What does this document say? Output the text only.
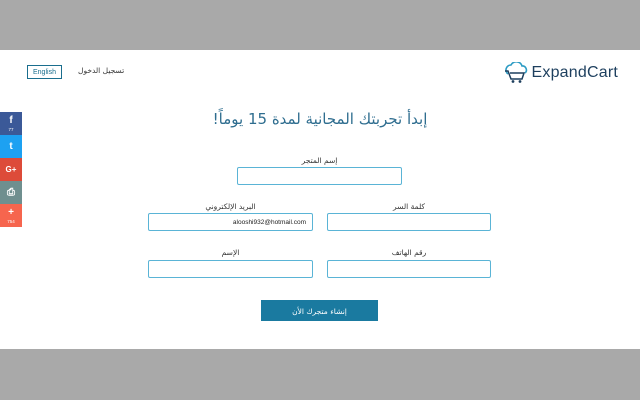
ExpandCart
تسجيل الدخول
English
إبدأ تجربتك المجانية لمدة 15 يوماً!
إسم المتجر
كلمة السر
البريد الإلكتروني
alooshi932@hotmail.com
رقم الهاتف
الإسم
إنشاء متجرك الأن
f
77
t
G+
⎙
+
754
